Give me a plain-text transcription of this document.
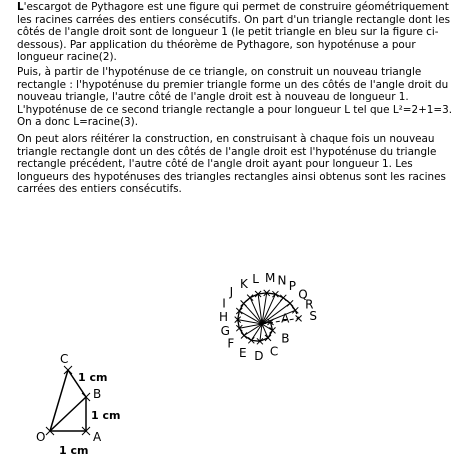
L'escargot de Pythagore est une figure qui permet de construire géométriquement les racines carrées des entiers consécutifs. On part d'un triangle rectangle dont les côtés de l'angle droit sont de longueur 1 (le petit triangle en bleu sur la figure ci-dessous). Par application du théorème de Pythagore, son hypoténuse a pour longueur racine(2).

Puis, à partir de l'hypoténuse de ce triangle, on construit un nouveau triangle rectangle : l'hypoténuse du premier triangle forme un des côtés de l'angle droit du nouveau triangle, l'autre côté de l'angle droit est à nouveau de longueur 1. L'hypoténuse de ce second triangle rectangle a pour longueur L tel que L²=2+1=3. On a donc L=racine(3).

On peut alors réitérer la construction, en construisant à chaque fois un nouveau triangle rectangle dont un des côtés de l'angle droit est l'hypoténuse du triangle rectangle précédent, l'autre côté de l'angle droit ayant pour longueur 1. Les longueurs des hypoténuses des triangles rectangles ainsi obtenus sont les racines carrées des entiers consécutifs.

O	A
B
C
1 cm
1 cm
1 cm
A
B
C
D
E
F
G
H
I
J
K L M N P
Q
R
S
